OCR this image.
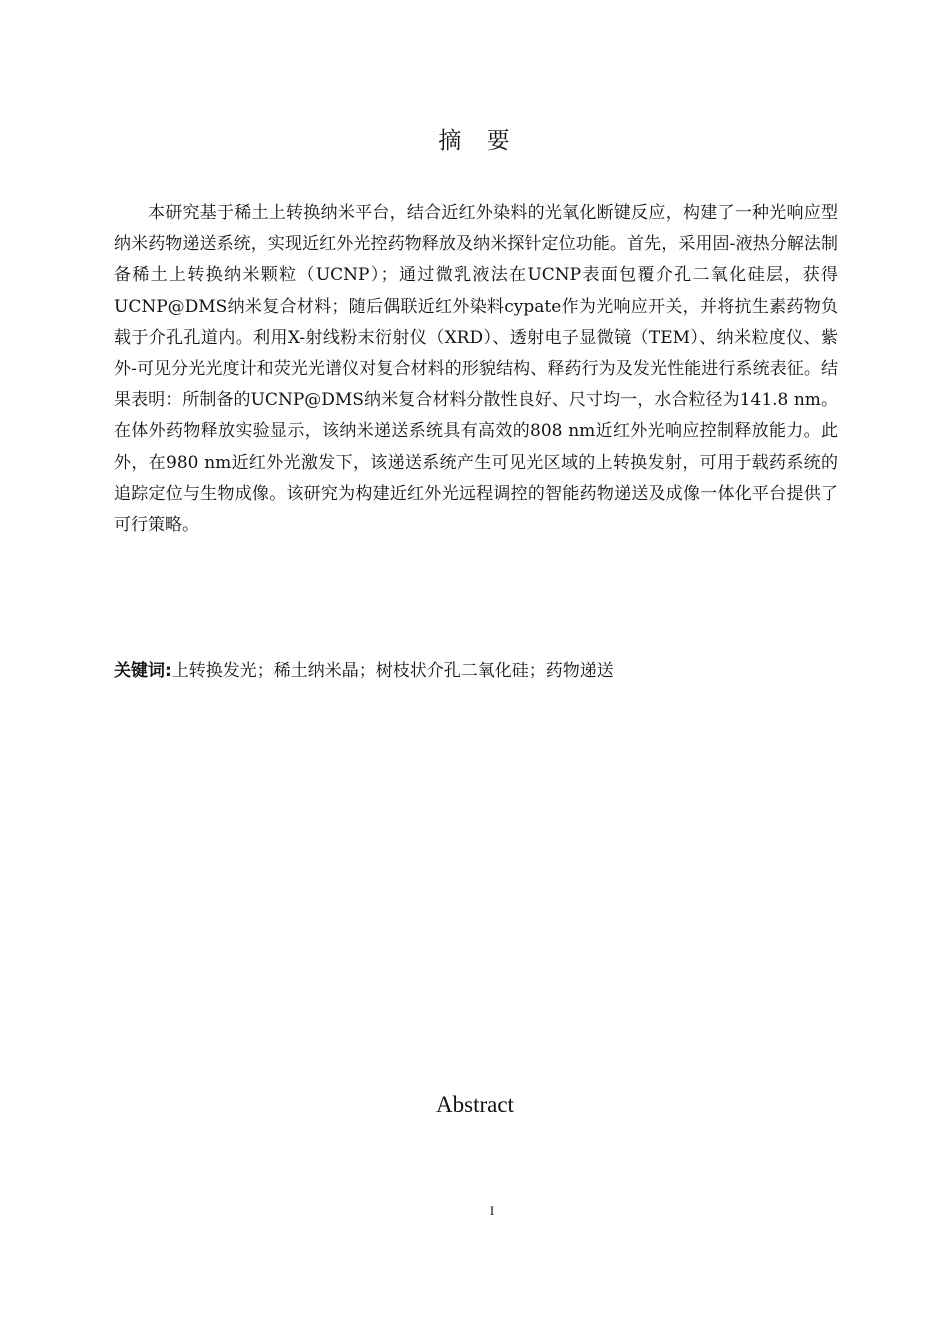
摘 要

本研究基于稀土上转换纳米平台，结合近红外染料的光氧化断键反应，构建了一种光响应型纳米药物递送系统，实现近红外光控药物释放及纳米探针定位功能。首先，采用固-液热分解法制备稀土上转换纳米颗粒（UCNP）；通过微乳液法在UCNP表面包覆介孔二氧化硅层，获得UCNP@DMS纳米复合材料；随后偶联近红外染料cypate作为光响应开关，并将抗生素药物负载于介孔孔道内。利用X-射线粉末衍射仪（XRD）、透射电子显微镜（TEM）、纳米粒度仪、紫外-可见分光光度计和荧光光谱仪对复合材料的形貌结构、释药行为及发光性能进行系统表征。结果表明：所制备的UCNP@DMS纳米复合材料分散性良好、尺寸均一，水合粒径为141.8 nm。在体外药物释放实验显示，该纳米递送系统具有高效的808 nm近红外光响应控制释放能力。此外，在980 nm近红外光激发下，该递送系统产生可见光区域的上转换发射，可用于载药系统的追踪定位与生物成像。该研究为构建近红外光远程调控的智能药物递送及成像一体化平台提供了可行策略。

关键词:上转换发光；稀土纳米晶；树枝状介孔二氧化硅；药物递送

Abstract
I
